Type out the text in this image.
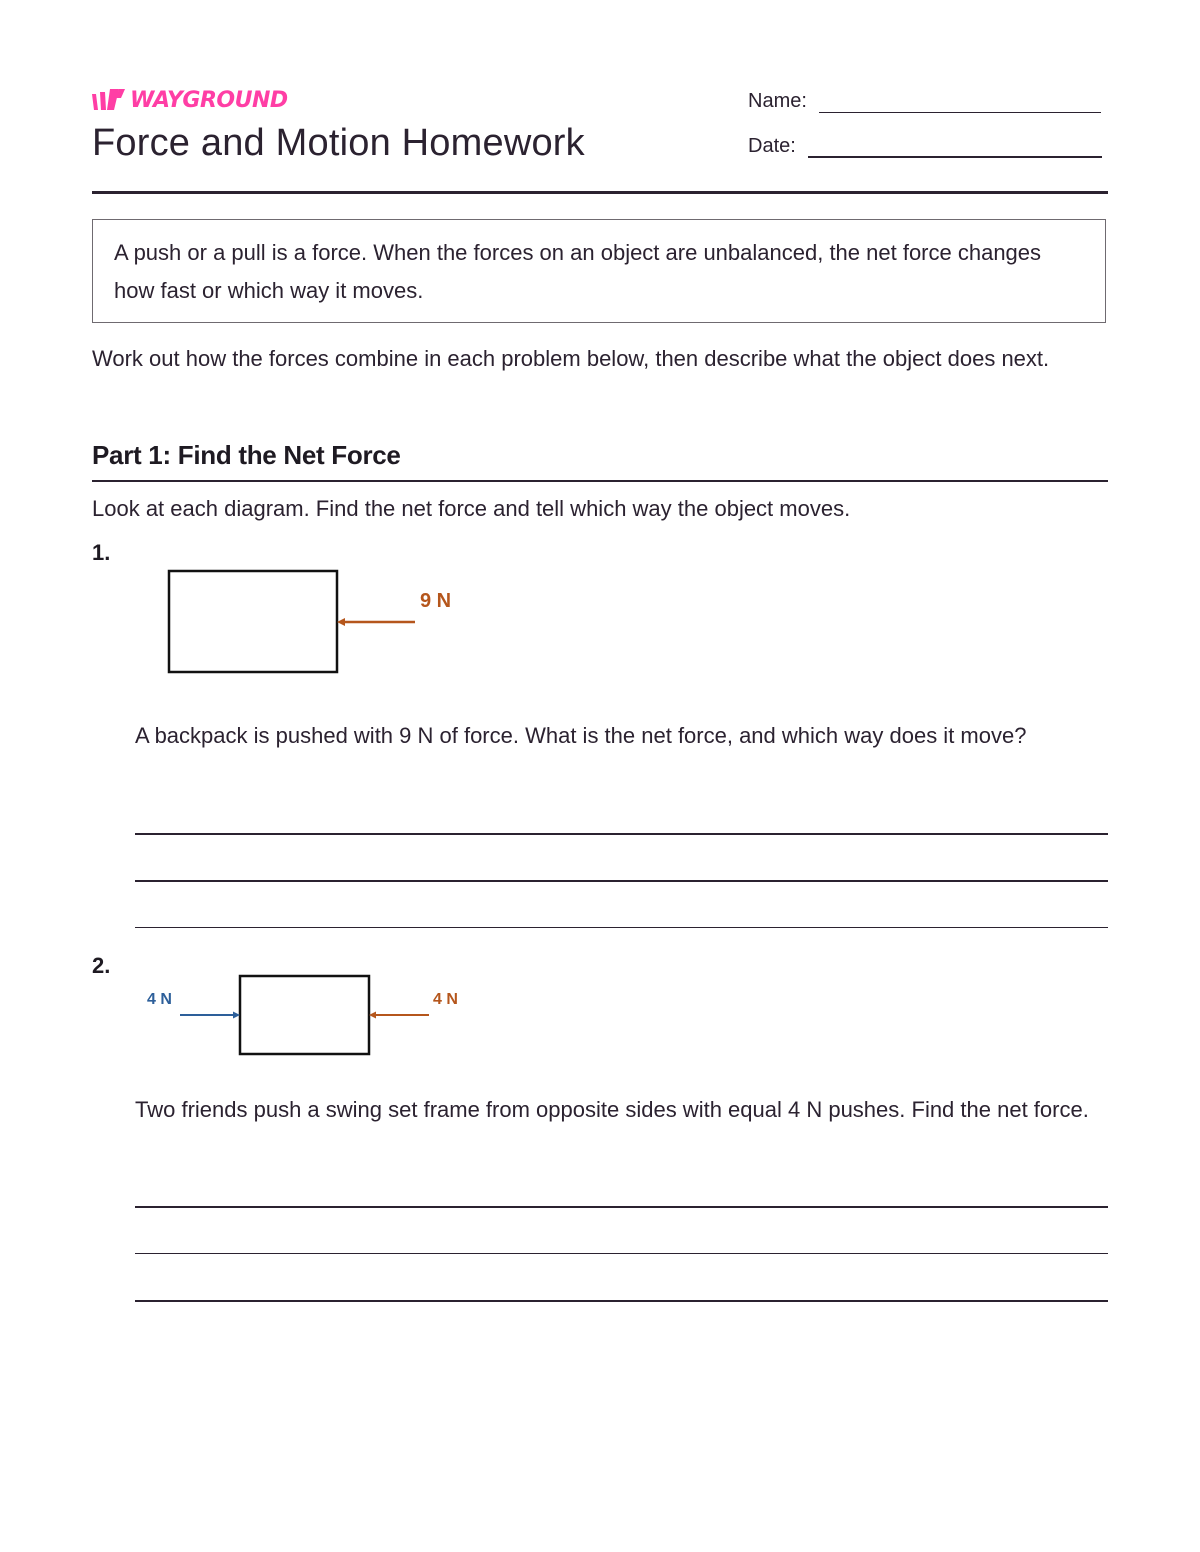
WAYGROUND
Force and Motion Homework
Name:
Date:

A push or a pull is a force. When the forces on an object are unbalanced, the net force changes how fast or which way it moves.

Work out how the forces combine in each problem below, then describe what the object does next.

Part 1: Find the Net Force

Look at each diagram. Find the net force and tell which way the object moves.

1.
9 N

A backpack is pushed with 9 N of force. What is the net force, and which way does it move?

2.
4 N	4 N

Two friends push a swing set frame from opposite sides with equal 4 N pushes. Find the net force.
